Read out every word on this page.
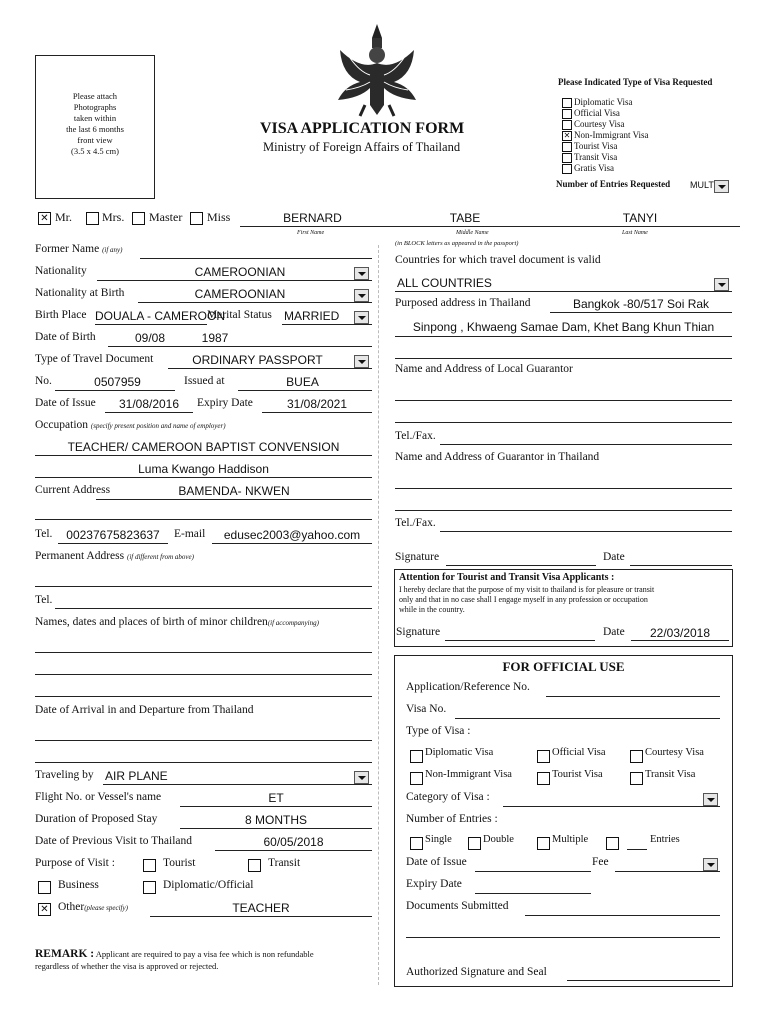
Please attach
Photographs
taken within
the last 6 months
front view
(3.5 x 4.5 cm)
VISA APPLICATION FORM
Ministry of Foreign Affairs of Thailand
Please Indicated Type of Visa Requested
Diplomatic Visa
Official Visa
Courtesy Visa
✕ Non-Immigrant Visa
Tourist Visa
Transit Visa
Gratis Visa
Number of Entries Requested MULT
✕ Mr. Mrs. Master Miss	BERNARD	TABE	TANYI
First Name	Middle Name	Last Name
(in BLOCK letters as appeared in the passport)
Former Name (if any)
Nationality	CAMEROONIAN
Nationality at Birth	CAMEROONIAN
Birth Place DOUALA - CAMEROON
Marital Status MARRIED
Date of Birth	09/08	1987
Type of Travel Document	ORDINARY PASSPORT
No.	0507959	Issued at	BUEA
Date of Issue	31/08/2016	Expiry Date	31/08/2021
Occupation (specify present position and name of employer)
TEACHER/ CAMEROON BAPTIST CONVENSION
Luma Kwango Haddison
Current Address	BAMENDA- NKWEN
Tel.	00237675823637	E-mail	edusec2003@yahoo.com
Permanent Address (if different from above)
Tel.
Names, dates and places of birth of minor children(if accompanying)
Date of Arrival in and Departure from Thailand
Traveling by AIR PLANE
Flight No. or Vessel's name	ET
Duration of Proposed Stay	8 MONTHS
Date of Previous Visit to Thailand	60/05/2018
Purpose of Visit :	Tourist	Transit
Business	Diplomatic/Official
✕ Other(please specify)	TEACHER
REMARK : Applicant are required to pay a visa fee which is non refundable
regardless of whether the visa is approved or rejected.
Countries for which travel document is valid
ALL COUNTRIES
Purposed address in Thailand	Bangkok -80/517 Soi Rak
Sinpong , Khwaeng Samae Dam, Khet Bang Khun Thian
Name and Address of Local Guarantor
Tel./Fax.
Name and Address of Guarantor in Thailand
Tel./Fax.
Signature	Date
Attention for Tourist and Transit Visa Applicants :
I hereby declare that the purpose of my visit to thailand is for pleasure or transit
only and that in no case shall I engage myself in any profession or occupation
while in the country.
Signature	Date	22/03/2018
FOR OFFICIAL USE
Application/Reference No.
Visa No.
Type of Visa :
Diplomatic Visa	Official Visa	Courtesy Visa
Non-Immigrant Visa	Tourist Visa	Transit Visa
Category of Visa :
Number of Entries :
Single	Double	Multiple	Entries
Date of Issue	Fee
Expiry Date
Documents Submitted
Authorized Signature and Seal
